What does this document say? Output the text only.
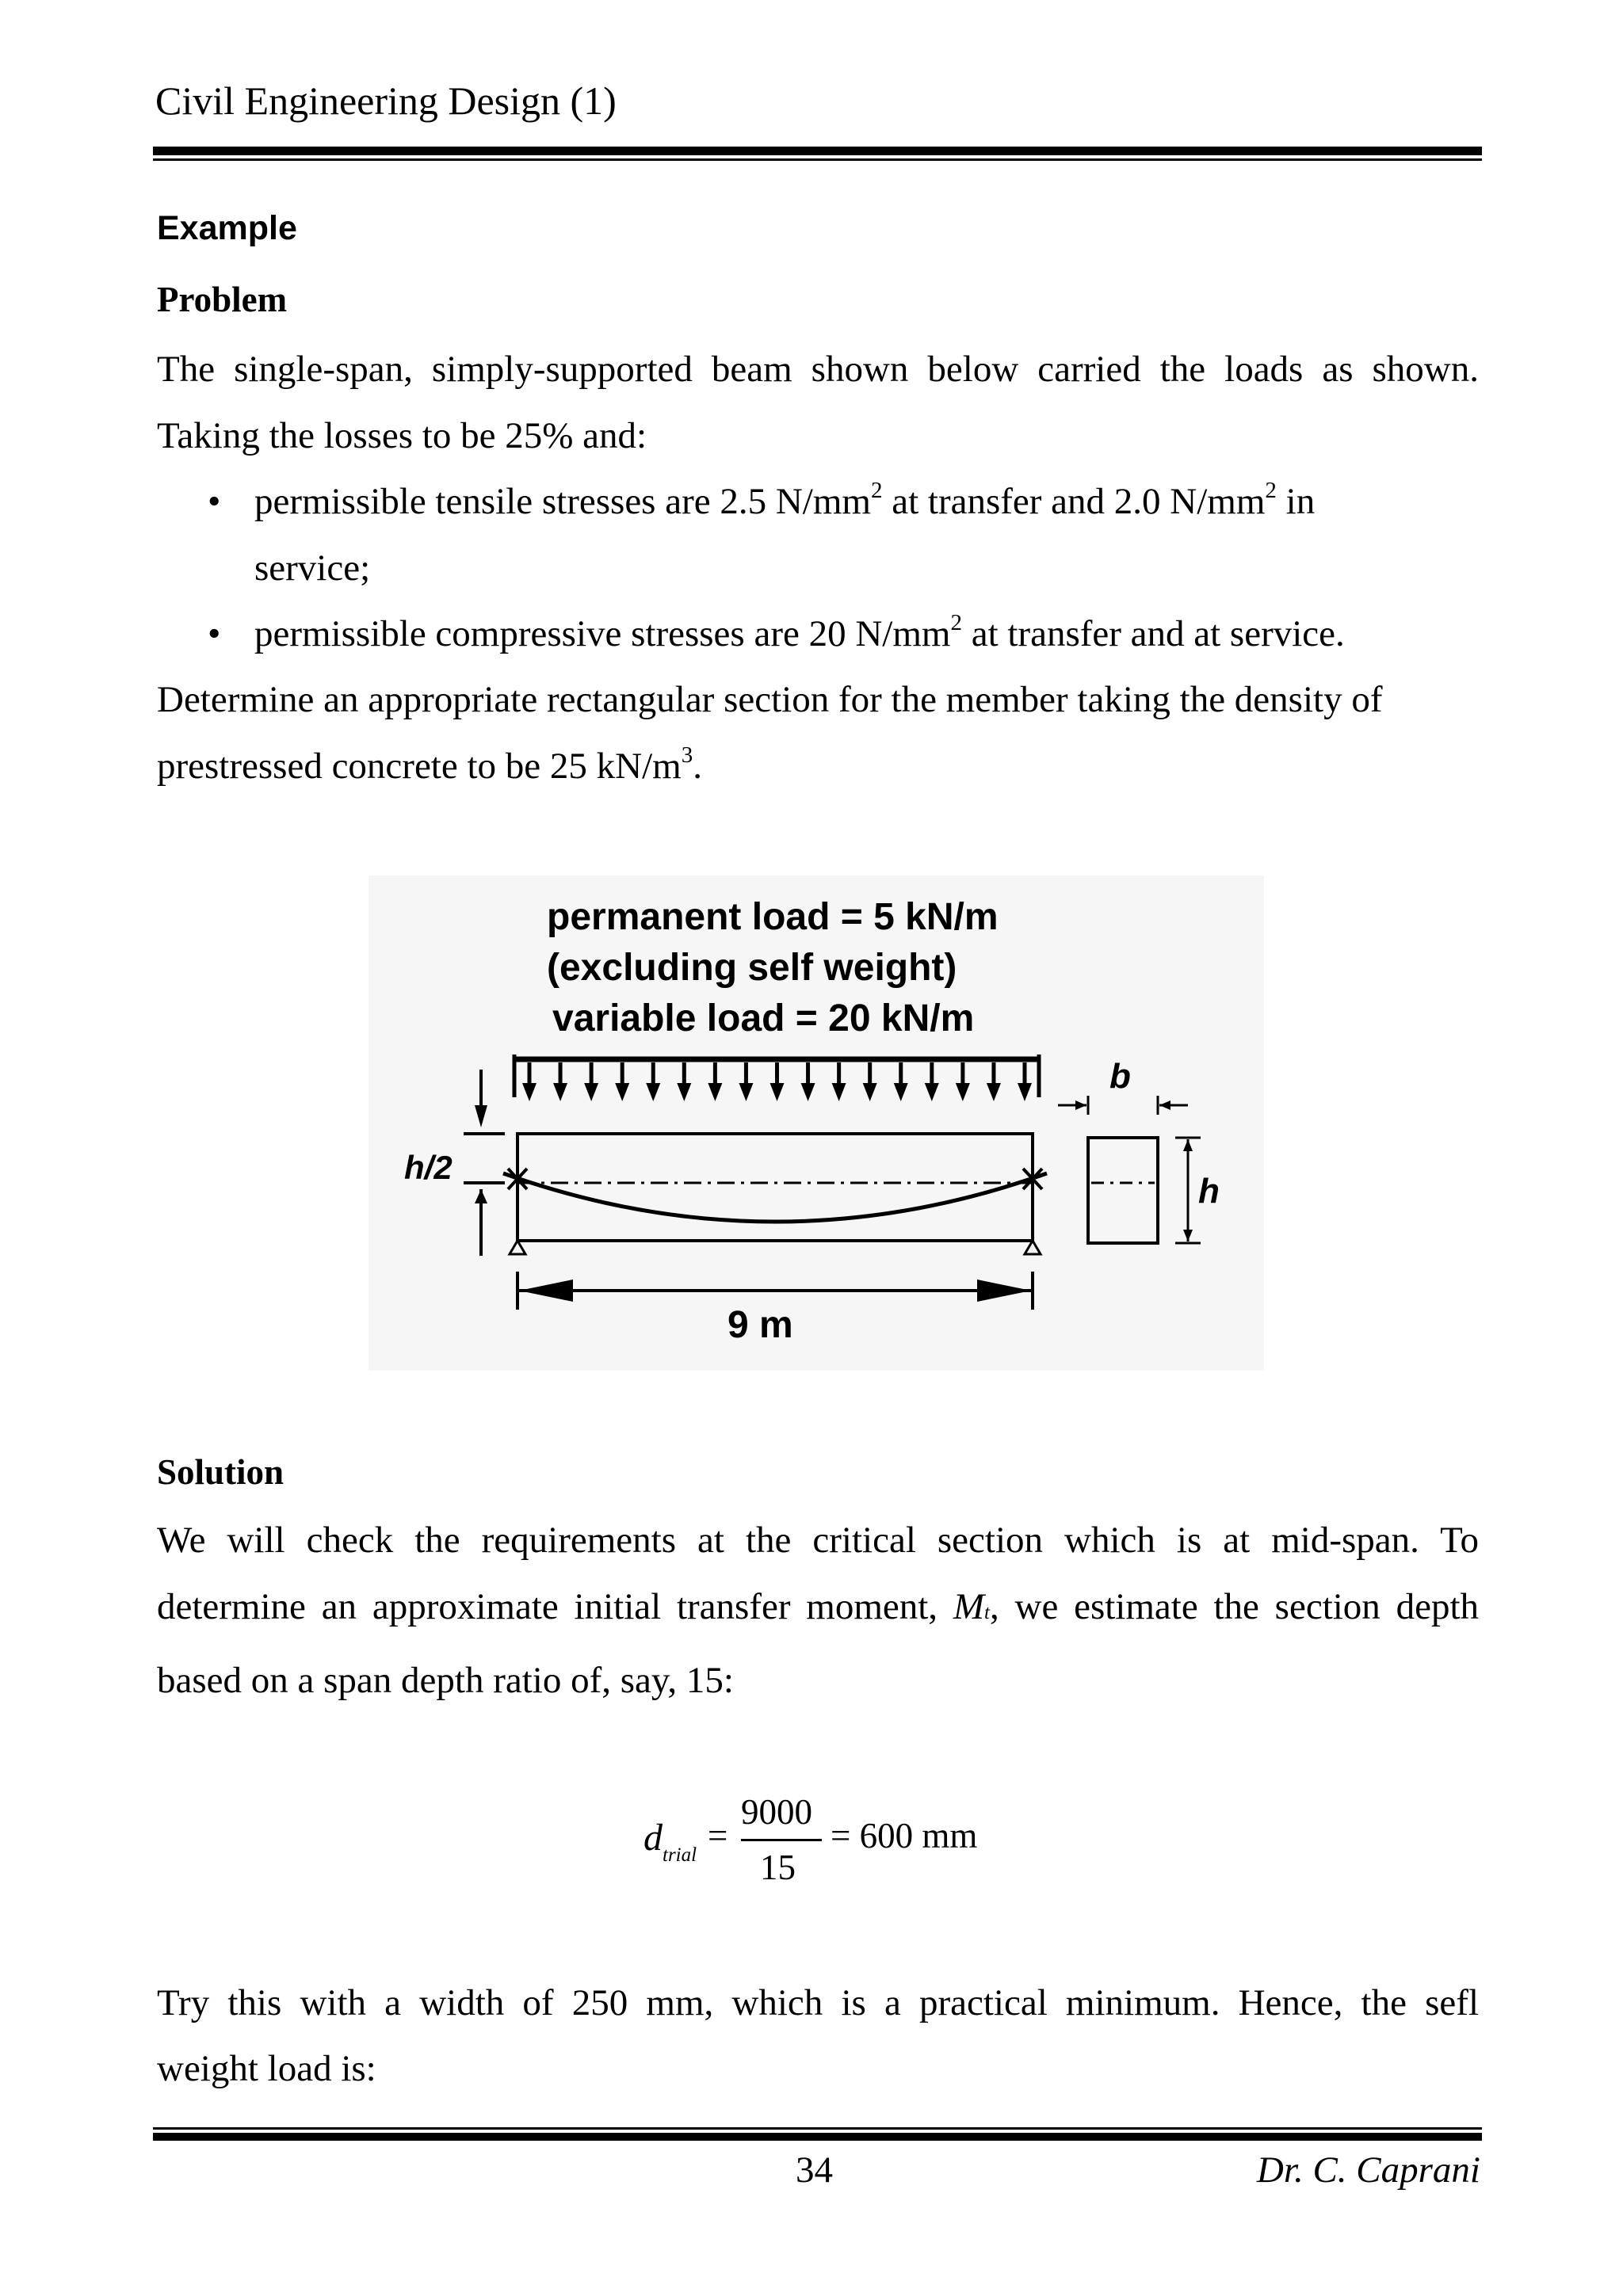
Civil Engineering Design (1)
Example
Problem
The single-span, simply-supported beam shown below carried the loads as shown.
Taking the losses to be 25% and:
• permissible tensile stresses are 2.5 $N/mm^2$ at transfer and 2.0 $N/mm^2$ in
service;
• permissible compressive stresses are 20 $N/mm^2$ at transfer and at service.
Determine an appropriate rectangular section for the member taking the density of
prestressed concrete to be 25 $kN/m^3$.
permanent load = 5 kN/m
(excluding self weight)
variable load = 20 kN/m
h/2
9 m
b
h
Solution
We will check the requirements at the critical section which is at mid-span. To
determine an approximate initial transfer moment, Mt, we estimate the section depth
based on a span depth ratio of, say, 15:
d trial =
9000
15
= 600 mm
Try this with a width of 250 mm, which is a practical minimum. Hence, the sefl
weight load is:
34	Dr. C. Caprani
